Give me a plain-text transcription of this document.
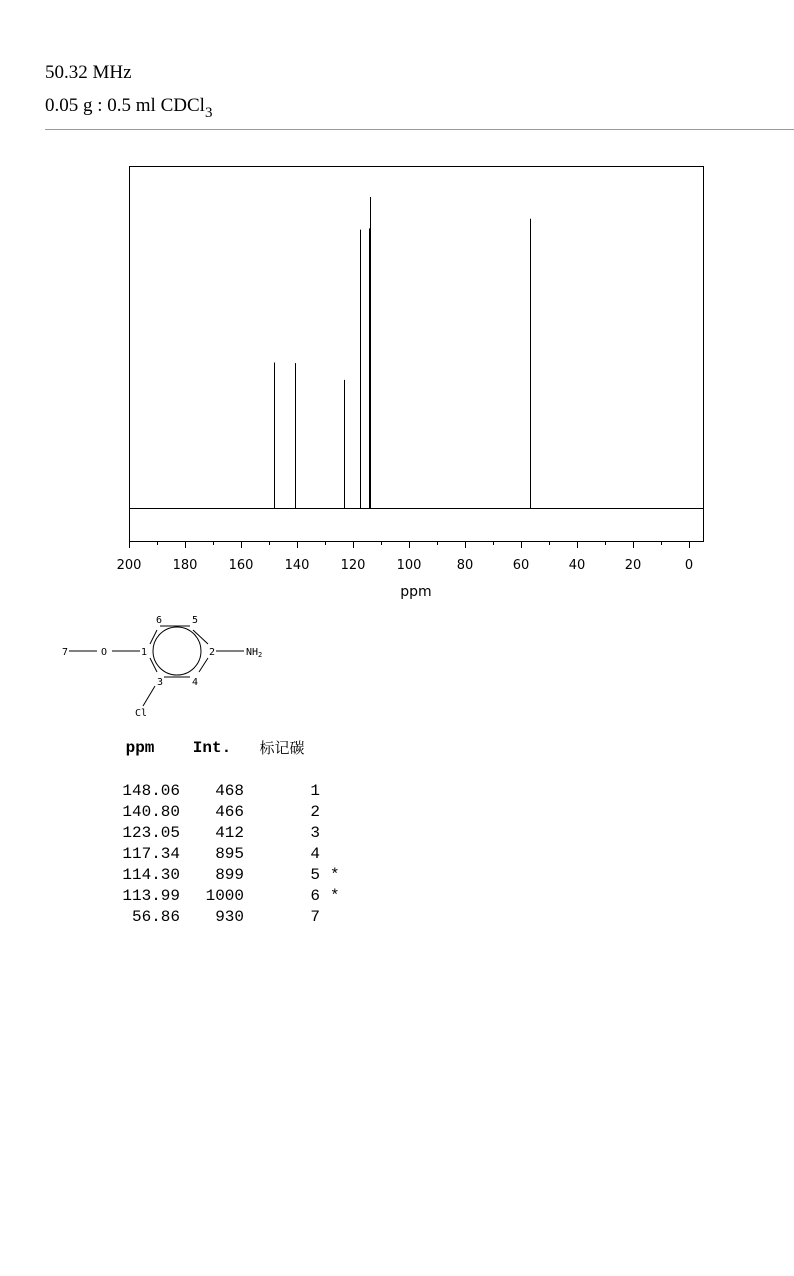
50.32 MHz
0.05 g : 0.5 ml CDCl$_3$
200 180 160 140 120 100	80	60	40	20	0
ppm
7	O	1
6	5
2
3	4
$NH_2$
Cl
ppm	Int.	标记碳	

148.06	468	1	
140.80	466	2	
123.05	412	3	
117.34	895	4	
114.30	899	5	*
113.99	1000	6	*
56.86	930	7	
